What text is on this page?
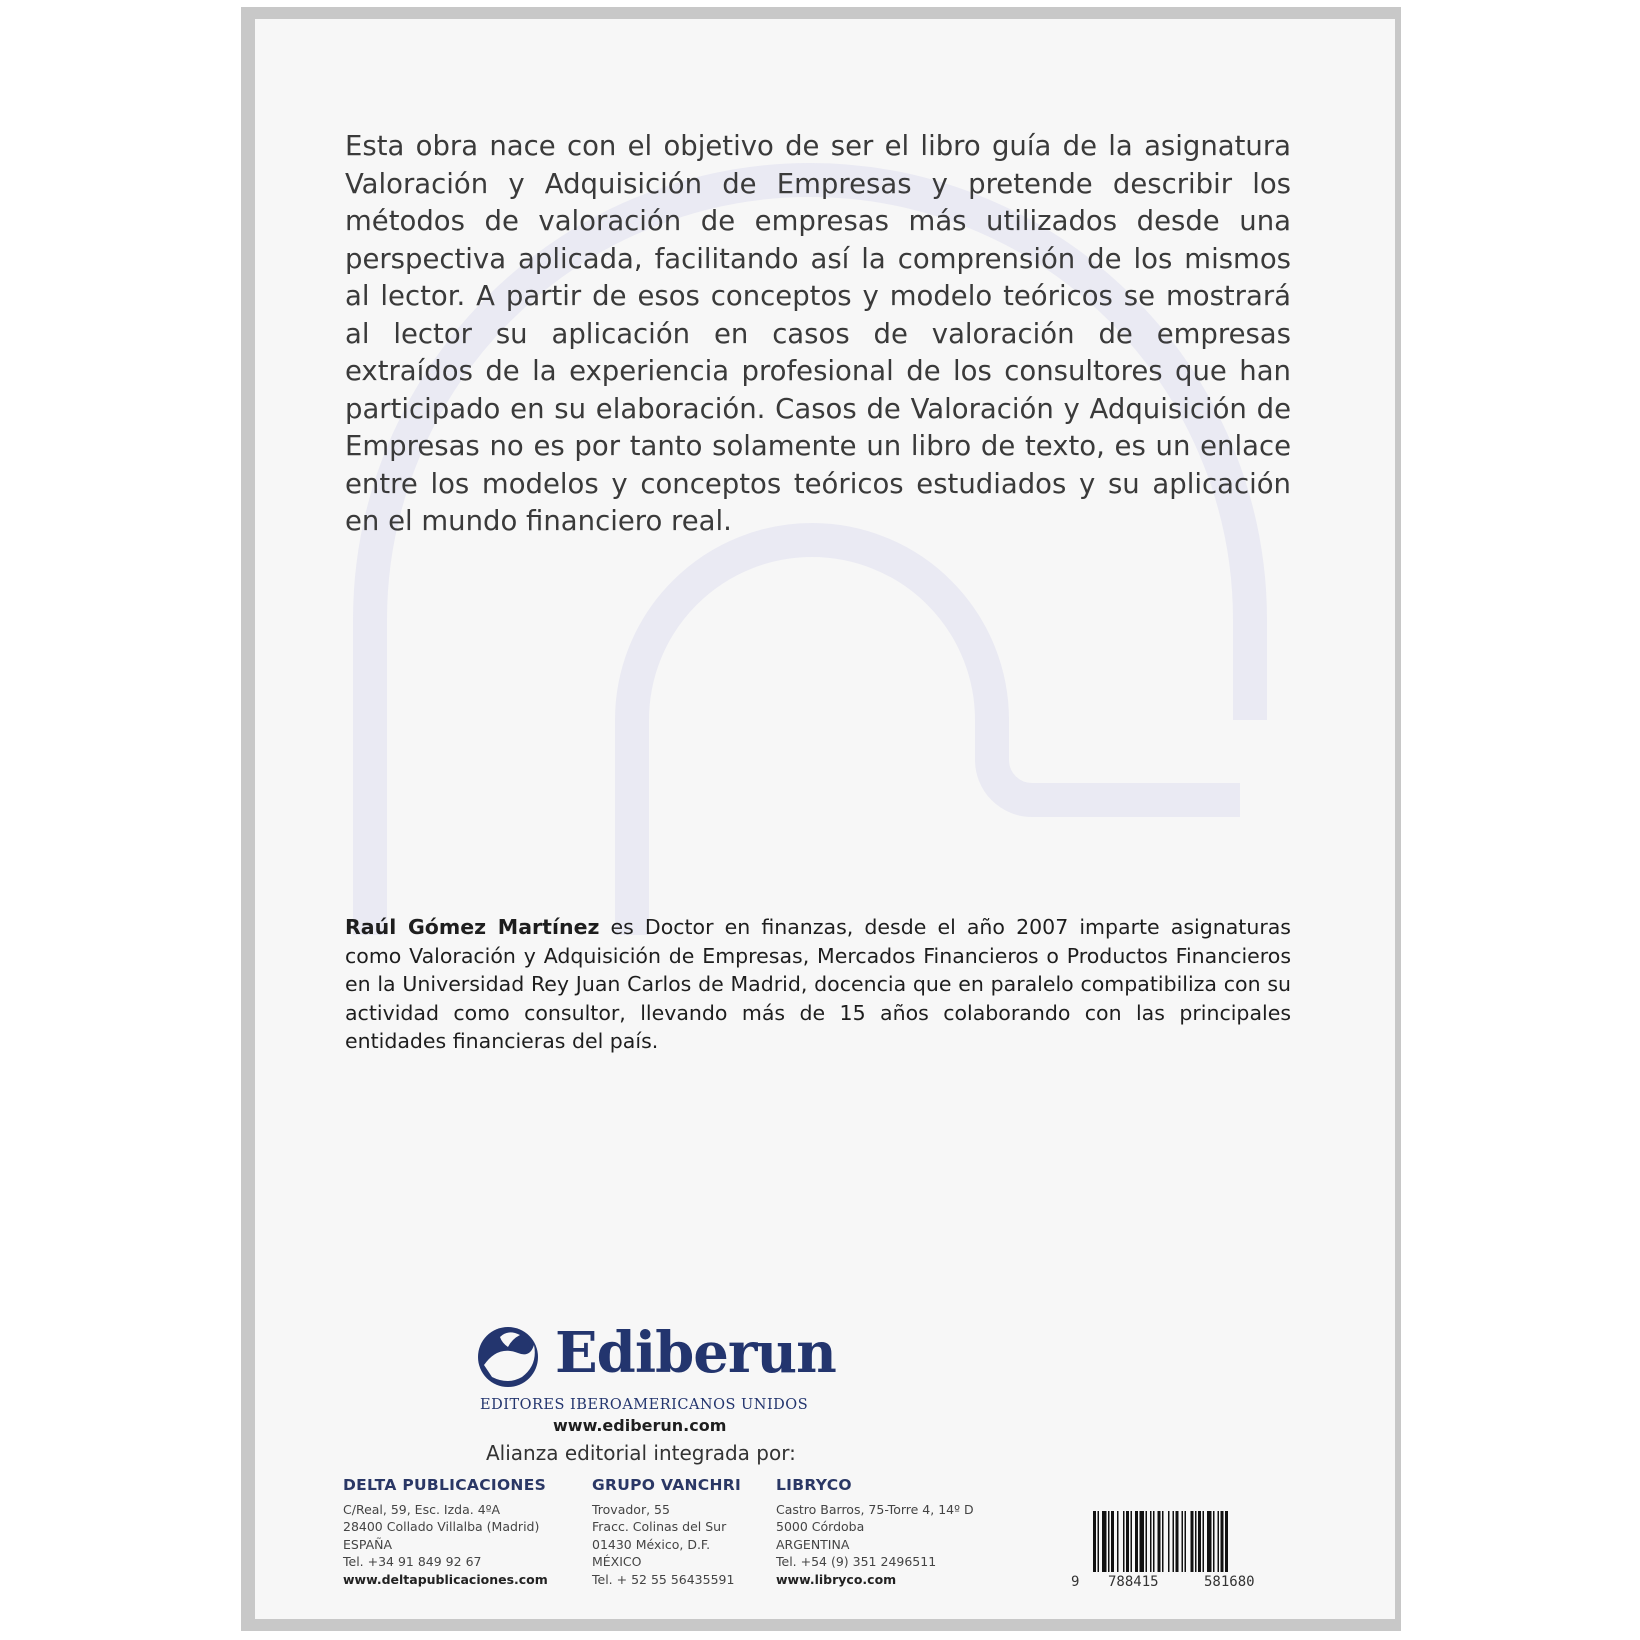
Esta obra nace con el objetivo de ser el libro guía de la asignatura Valoración y Adquisición de Empresas y pretende describir los métodos de valoración de empresas más utilizados desde una perspectiva aplicada, facilitando así la comprensión de los mismos al lector. A partir de esos conceptos y modelo teóricos se mostrará al lector su aplicación en casos de valoración de empresas extraídos de la experiencia profesional de los consultores que han participado en su elaboración. Casos de Valoración y Adquisición de Empresas no es por tanto solamente un libro de texto, es un enlace entre los modelos y conceptos teóricos estudiados y su aplicación en el mundo financiero real.
Raúl Gómez Martínez es Doctor en finanzas, desde el año 2007 imparte asignaturas como Valoración y Adquisición de Empresas, Mercados Financieros o Productos Financieros en la Universidad Rey Juan Carlos de Madrid, docencia que en paralelo compatibiliza con su actividad como consultor, llevando más de 15 años colaborando con las principales entidades financieras del país.
Ediberun
EDITORES IBEROAMERICANOS UNIDOS
www.ediberun.com
Alianza editorial integrada por:
DELTA PUBLICACIONES
C/Real, 59, Esc. Izda. 4ºA
28400 Collado Villalba (Madrid)
ESPAÑA
Tel. +34 91 849 92 67
www.deltapublicaciones.com
GRUPO VANCHRI
Trovador, 55
Fracc. Colinas del Sur
01430 México, D.F.
MÉXICO
Tel. + 52 55 56435591
LIBRYCO
Castro Barros, 75-Torre 4, 14º D
5000 Córdoba
ARGENTINA
Tel. +54 (9) 351 2496511
www.libryco.com	9 788415	581680
